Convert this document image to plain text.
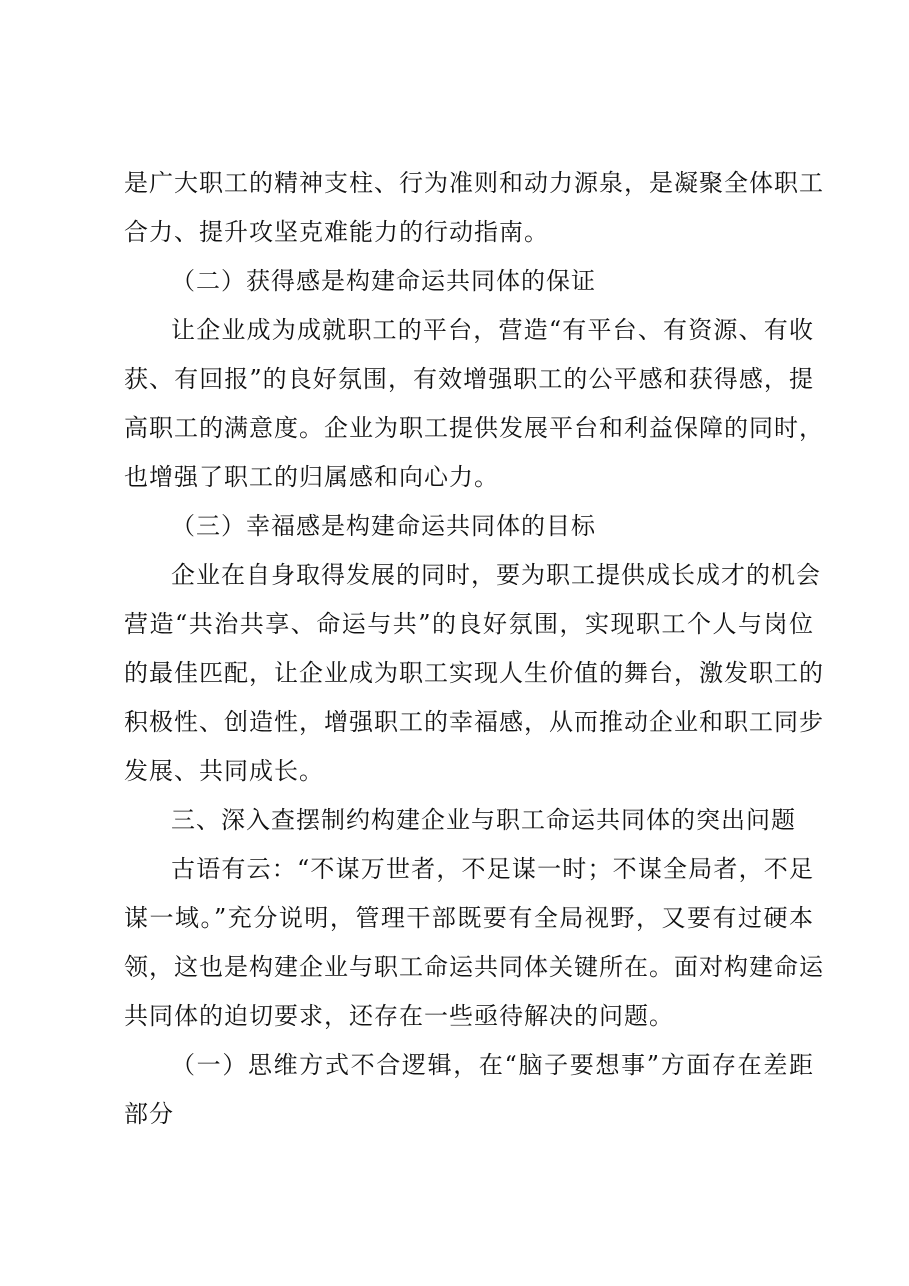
是广大职工的精神支柱、行为准则和动力源泉，是凝聚全体职工
合力、提升攻坚克难能力的行动指南。
（二）获得感是构建命运共同体的保证
让企业成为成就职工的平台，营造“有平台、有资源、有收
获、有回报”的良好氛围，有效增强职工的公平感和获得感，提
高职工的满意度。企业为职工提供发展平台和利益保障的同时，
也增强了职工的归属感和向心力。
（三）幸福感是构建命运共同体的目标
企业在自身取得发展的同时，要为职工提供成长成才的机会
营造“共治共享、命运与共”的良好氛围，实现职工个人与岗位
的最佳匹配，让企业成为职工实现人生价值的舞台，激发职工的
积极性、创造性，增强职工的幸福感，从而推动企业和职工同步
发展、共同成长。
三、深入查摆制约构建企业与职工命运共同体的突出问题
古语有云：“不谋万世者，不足谋一时；不谋全局者，不足
谋一域。”充分说明，管理干部既要有全局视野，又要有过硬本
领，这也是构建企业与职工命运共同体关键所在。面对构建命运
共同体的迫切要求，还存在一些亟待解决的问题。
（一）思维方式不合逻辑，在“脑子要想事”方面存在差距
部分
